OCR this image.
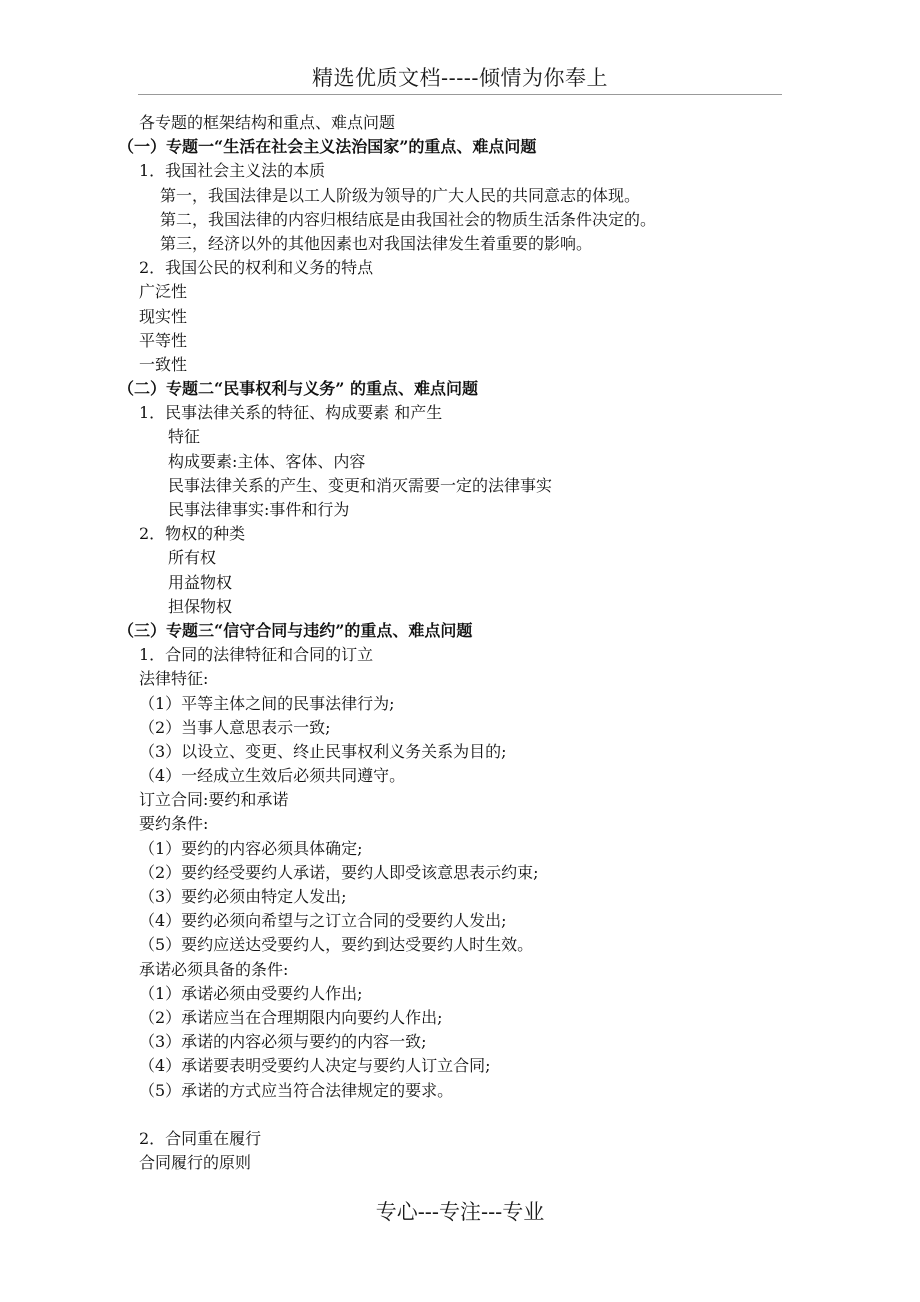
精选优质文档-----倾情为你奉上
各专题的框架结构和重点、难点问题
（一）专题一“生活在社会主义法治国家”的重点、难点问题
1．我国社会主义法的本质
第一，我国法律是以工人阶级为领导的广大人民的共同意志的体现。
第二，我国法律的内容归根结底是由我国社会的物质生活条件决定的。
第三，经济以外的其他因素也对我国法律发生着重要的影响。
2．我国公民的权利和义务的特点
广泛性
现实性
平等性
一致性
（二）专题二“民事权利与义务” 的重点、难点问题
1．民事法律关系的特征、构成要素 和产生
特征
构成要素:主体、客体、内容
民事法律关系的产生、变更和消灭需要一定的法律事实
民事法律事实:事件和行为
2．物权的种类
所有权
用益物权
担保物权
（三）专题三“信守合同与违约”的重点、难点问题
1．合同的法律特征和合同的订立
法律特征:
（1）平等主体之间的民事法律行为;
（2）当事人意思表示一致;
（3）以设立、变更、终止民事权利义务关系为目的;
（4）一经成立生效后必须共同遵守。
订立合同:要约和承诺
要约条件:
（1）要约的内容必须具体确定;
（2）要约经受要约人承诺，要约人即受该意思表示约束;
（3）要约必须由特定人发出;
（4）要约必须向希望与之订立合同的受要约人发出;
（5）要约应送达受要约人，要约到达受要约人时生效。
承诺必须具备的条件:
（1）承诺必须由受要约人作出;
（2）承诺应当在合理期限内向要约人作出;
（3）承诺的内容必须与要约的内容一致;
（4）承诺要表明受要约人决定与要约人订立合同;
（5）承诺的方式应当符合法律规定的要求。
2．合同重在履行
合同履行的原则
专心---专注---专业
